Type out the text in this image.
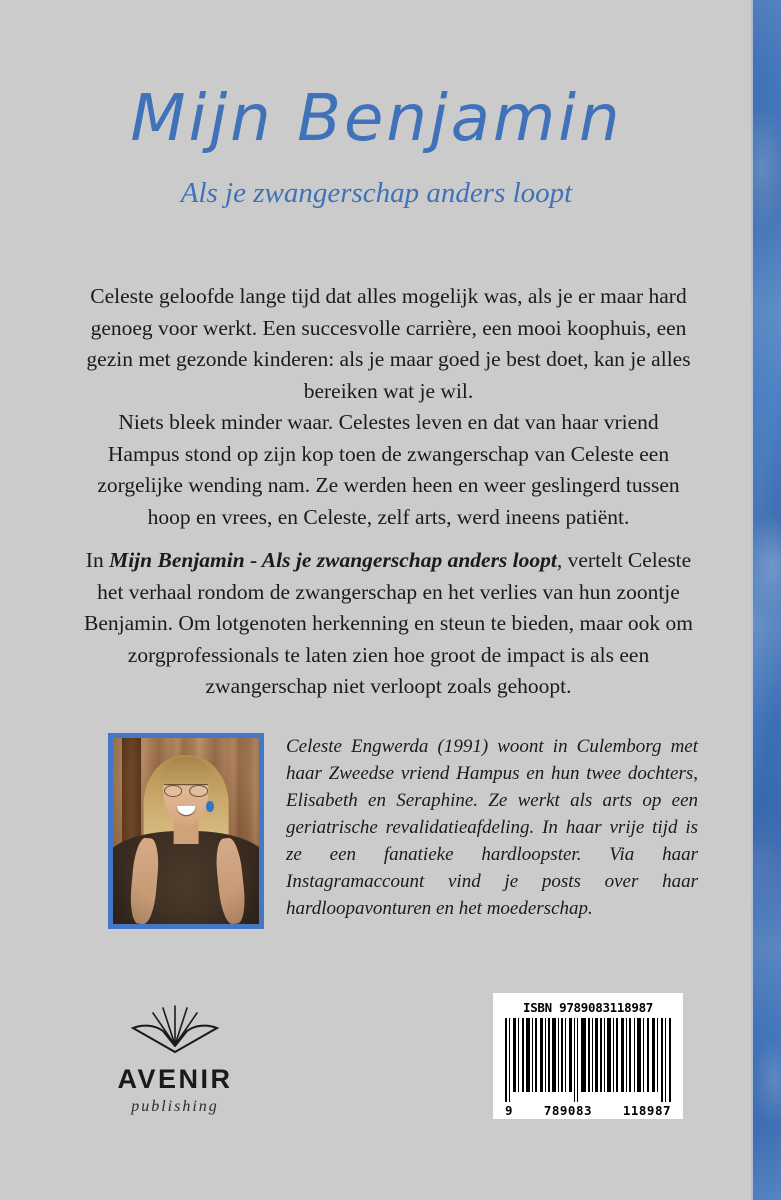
Mijn Benjamin
Als je zwangerschap anders loopt

Celeste geloofde lange tijd dat alles mogelijk was, als je er maar hard genoeg voor werkt. Een succesvolle carrière, een mooi koophuis, een gezin met gezonde kinderen: als je maar goed je best doet, kan je alles bereiken wat je wil.

Niets bleek minder waar. Celestes leven en dat van haar vriend Hampus stond op zijn kop toen de zwangerschap van Celeste een zorgelijke wending nam. Ze werden heen en weer geslingerd tussen hoop en vrees, en Celeste, zelf arts, werd ineens patiënt.

In Mijn Benjamin - Als je zwangerschap anders loopt, vertelt Celeste het verhaal rondom de zwangerschap en het verlies van hun zoontje Benjamin. Om lotgenoten herkenning en steun te bieden, maar ook om zorgprofessionals te laten zien hoe groot de impact is als een zwangerschap niet verloopt zoals gehoopt.

Celeste Engwerda (1991) woont in Culemborg met haar Zweedse vriend Hampus en hun twee dochters, Elisabeth en Seraphine. Ze werkt als arts op een geriatrische revalidatieafdeling. In haar vrije tijd is ze een fanatieke hardloopster. Via haar Instagramaccount vind je posts over haar hardloopavonturen en het moederschap.
AVENIR
publishing
ISBN 9789083118987
9 789083 118987
